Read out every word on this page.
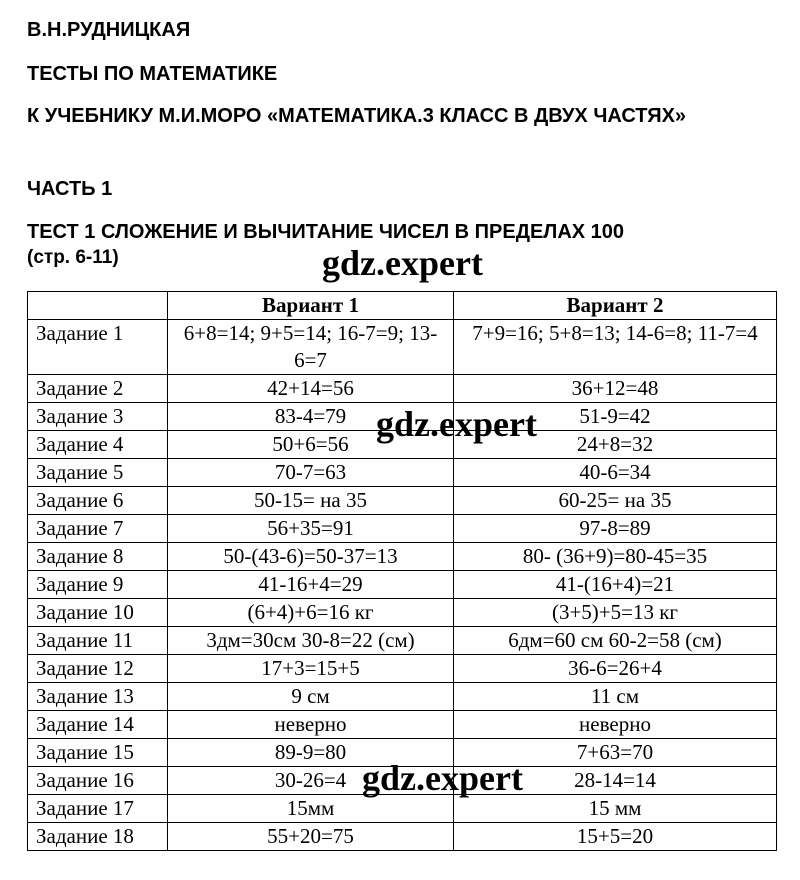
В.Н.РУДНИЦКАЯ

ТЕСТЫ ПО МАТЕМАТИКЕ

К УЧЕБНИКУ М.И.МОРО «МАТЕМАТИКА.3 КЛАСС В ДВУХ ЧАСТЯХ»

ЧАСТЬ 1

ТЕСТ 1 СЛОЖЕНИЕ И ВЫЧИТАНИЕ ЧИСЕЛ В ПРЕДЕЛАХ 100

(стр. 6-11)

	Вариант 1	Вариант 2
Задание 1	6+8=14; 9+5=14; 16-7=9; 13-6=7	7+9=16; 5+8=13; 14-6=8; 11-7=4
Задание 2	42+14=56	36+12=48
Задание 3	83-4=79	51-9=42
Задание 4	50+6=56	24+8=32
Задание 5	70-7=63	40-6=34
Задание 6	50-15= на 35	60-25= на 35
Задание 7	56+35=91	97-8=89
Задание 8	50-(43-6)=50-37=13	80- (36+9)=80-45=35
Задание 9	41-16+4=29	41-(16+4)=21
Задание 10	(6+4)+6=16 кг	(3+5)+5=13 кг
Задание 11	3дм=30см 30-8=22 (см)	6дм=60 см 60-2=58 (см)
Задание 12	17+3=15+5	36-6=26+4
Задание 13	9 см	11 см
Задание 14	неверно	неверно
Задание 15	89-9=80	7+63=70
Задание 16	30-26=4	28-14=14
Задание 17	15мм	15 мм
Задание 18	55+20=75	15+5=20
gdz.expert
gdz.expert
gdz.expert
